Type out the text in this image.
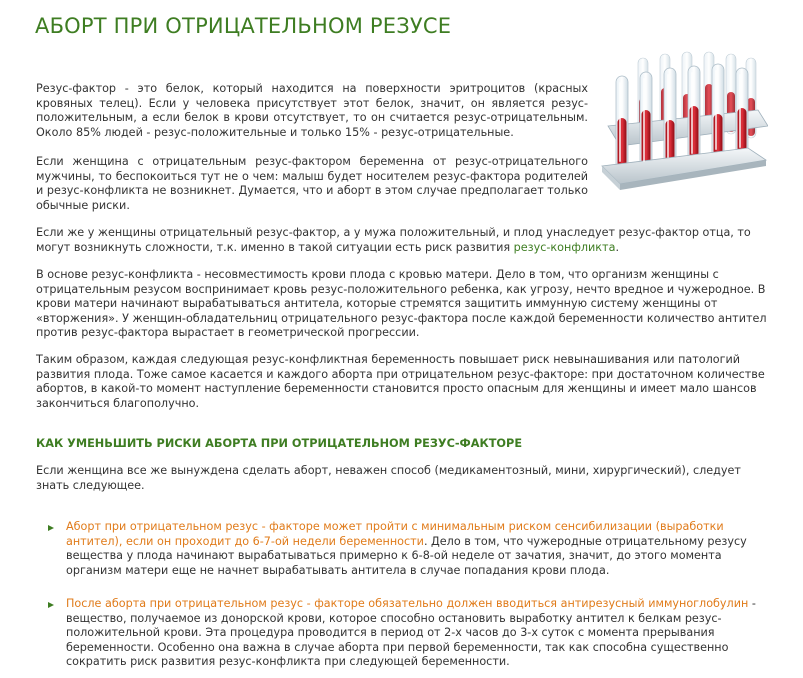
АБОРТ ПРИ ОТРИЦАТЕЛЬНОМ РЕЗУСЕ

Резус-фактор - это белок, который находится на поверхности эритроцитов (красных кровяных телец). Если у человека присутствует этот белок, значит, он является резус-положительным, а если белок в крови отсутствует, то он считается резус-отрицательным. Около 85% людей - резус-положительные и только 15% - резус-отрицательные.

Если женщина с отрицательным резус-фактором беременна от резус-отрицательного мужчины, то беспокоиться тут не о чем: малыш будет носителем резус-фактора родителей и резус-конфликта не возникнет. Думается, что и аборт в этом случае предполагает только обычные риски.

Если же у женщины отрицательный резус-фактор, а у мужа положительный, и плод унаследует резус-фактор отца, то могут возникнуть сложности, т.к. именно в такой ситуации есть риск развития резус-конфликта.

В основе резус-конфликта - несовместимость крови плода с кровью матери. Дело в том, что организм женщины с отрицательным резусом воспринимает кровь резус-положительного ребенка, как угрозу, нечто вредное и чужеродное. В крови матери начинают вырабатываться антитела, которые стремятся защитить иммунную систему женщины от «вторжения». У женщин-обладательниц отрицательного резус-фактора после каждой беременности количество антител против резус-фактора вырастает в геометрической прогрессии.

Таким образом, каждая следующая резус-конфликтная беременность повышает риск невынашивания или патологий развития плода. Тоже самое касается и каждого аборта при отрицательном резус-факторе: при достаточном количестве абортов, в какой-то момент наступление беременности становится просто опасным для женщины и имеет мало шансов закончиться благополучно.

КАК УМЕНЬШИТЬ РИСКИ АБОРТА ПРИ ОТРИЦАТЕЛЬНОМ РЕЗУС-ФАКТОРЕ

Если женщина все же вынуждена сделать аборт, неважен способ (медикаментозный, мини, хирургический), следует знать следующее.

Аборт при отрицательном резус - факторе может пройти с минимальным риском сенсибилизации (выработки антител), если он проходит до 6-7-ой недели беременности. Дело в том, что чужеродные отрицательному резусу вещества у плода начинают вырабатываться примерно к 6-8-ой неделе от зачатия, значит, до этого момента организм матери еще не начнет вырабатывать антитела в случае попадания крови плода.

После аборта при отрицательном резус - факторе обязательно должен вводиться антирезусный иммуноглобулин - вещество, получаемое из донорской крови, которое способно остановить выработку антител к белкам резус-положительной крови. Эта процедура проводится в период от 2-х часов до 3-х суток с момента прерывания беременности. Особенно она важна в случае аборта при первой беременности, так как способна существенно сократить риск развития резус-конфликта при следующей беременности.
